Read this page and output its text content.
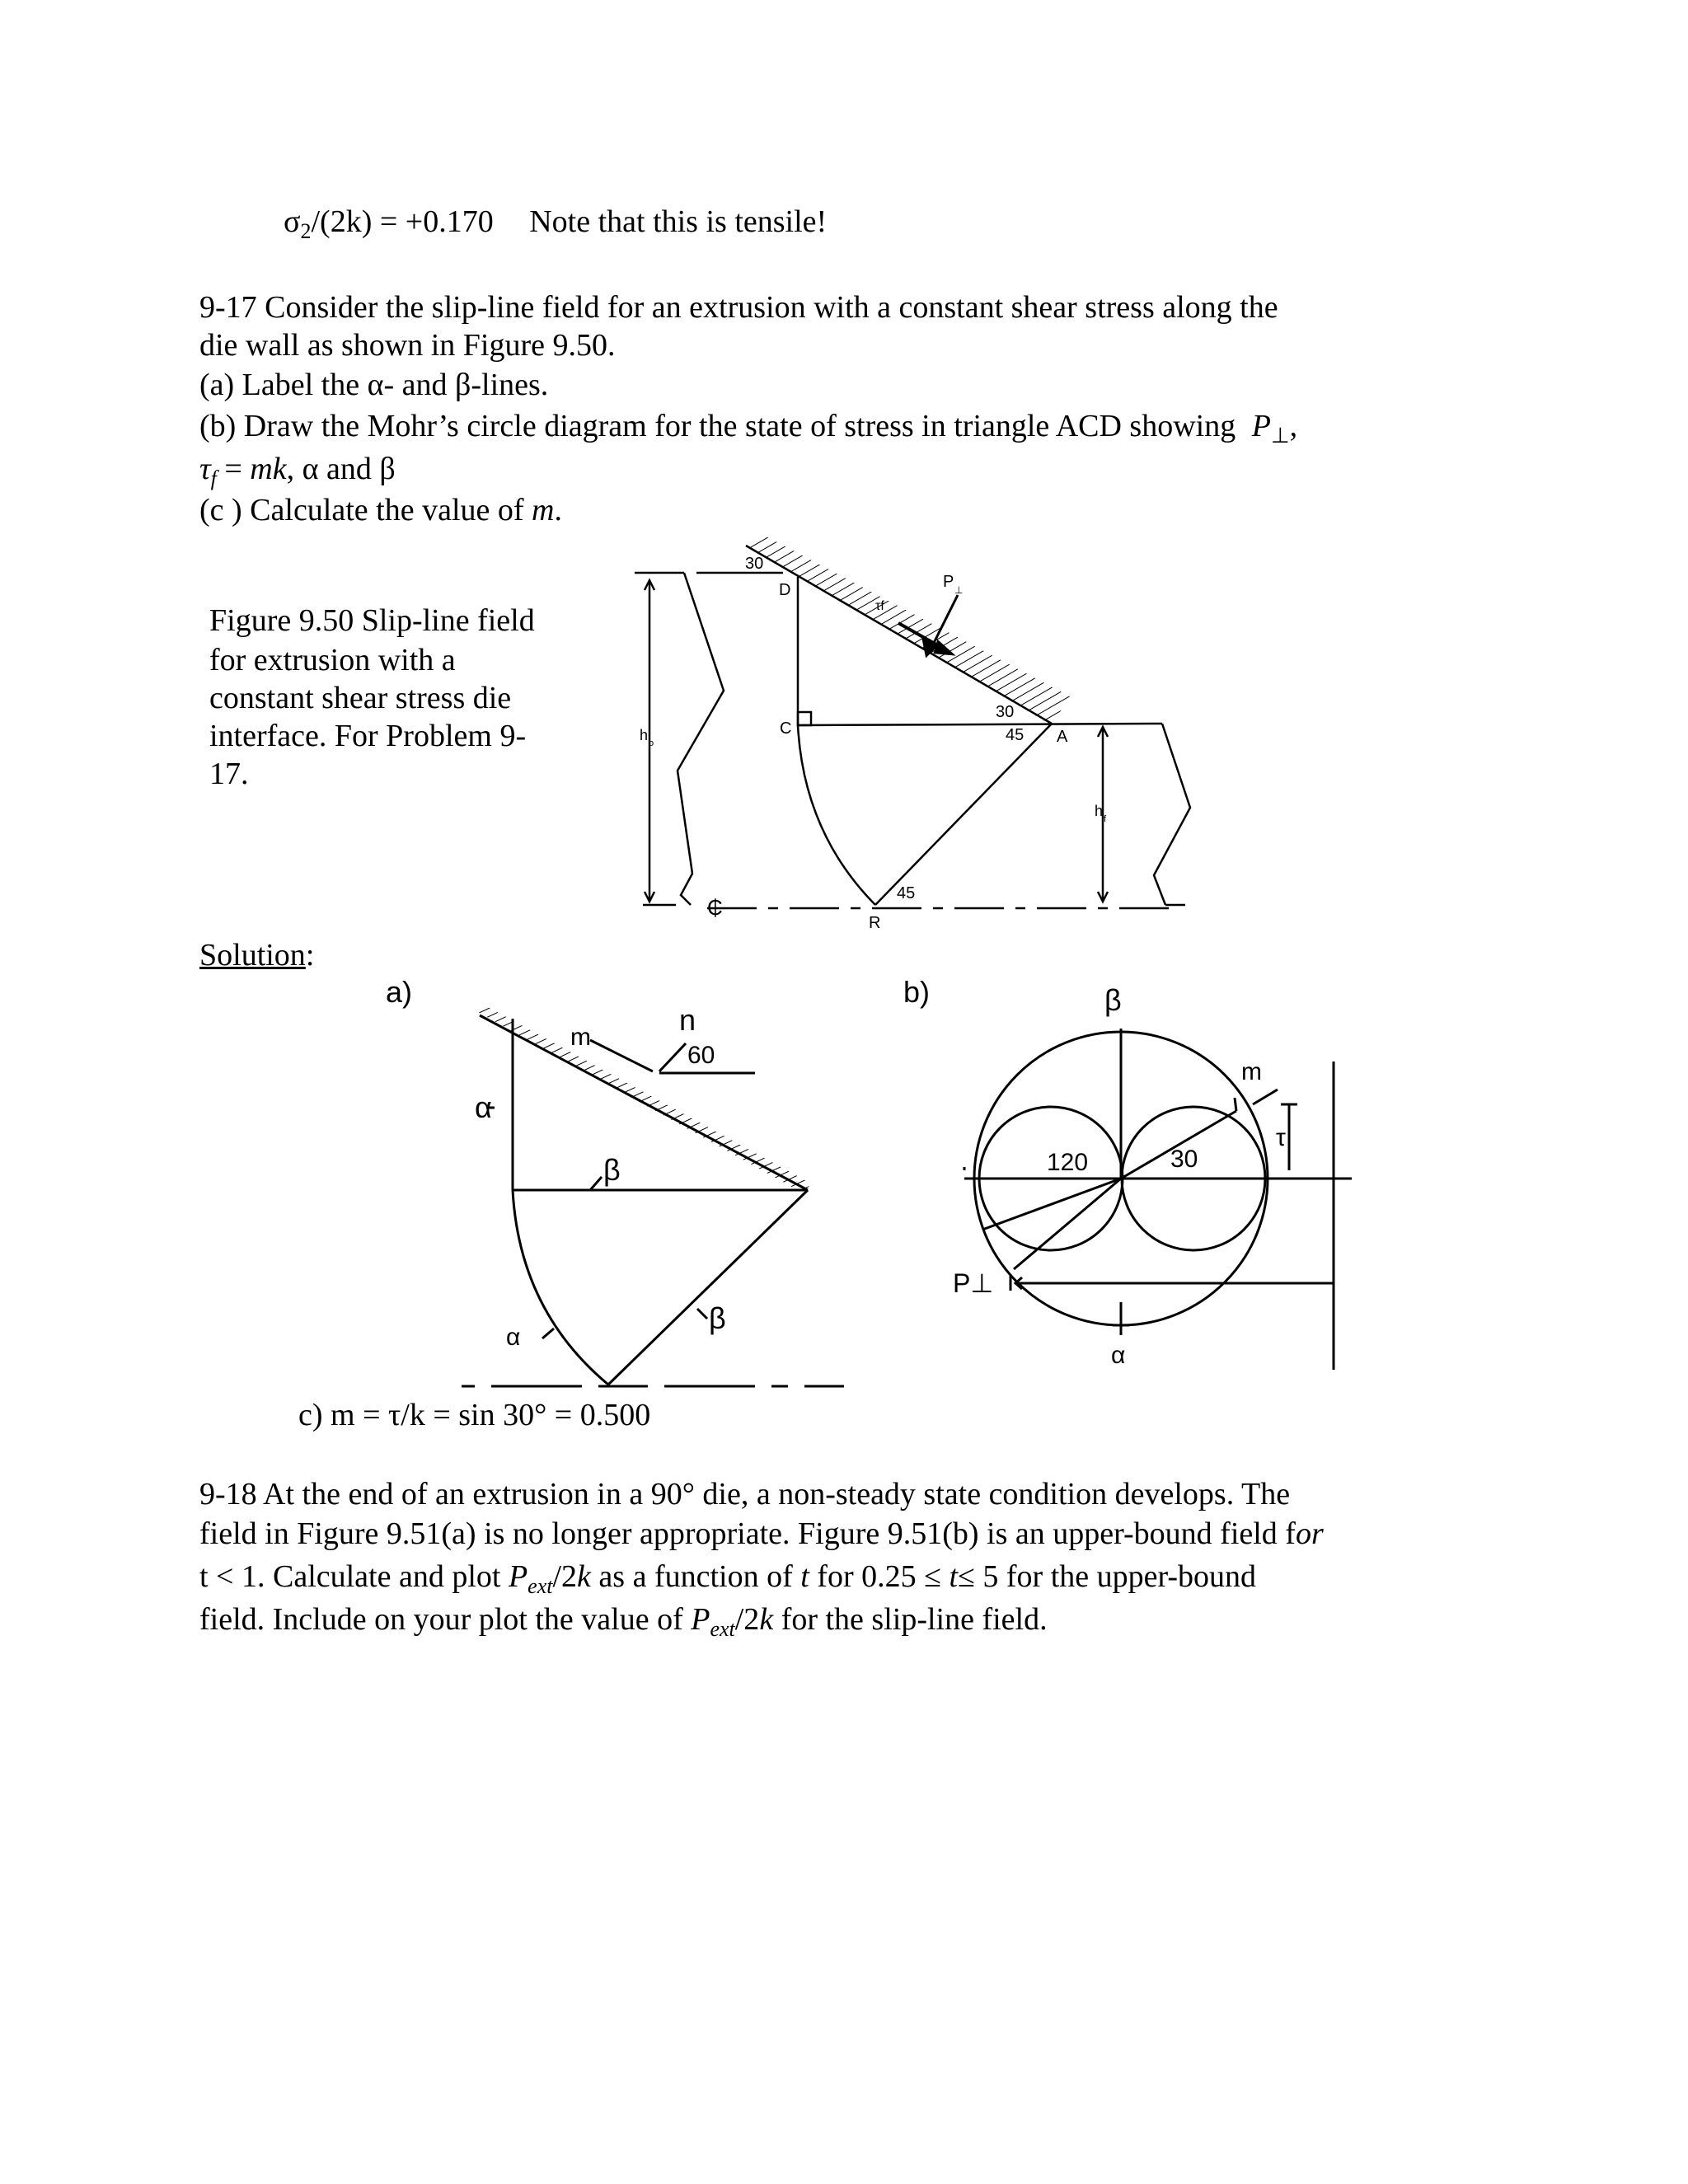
$\sigma_2/(2k) = +0.170$ Note that this is tensile!
9-17 Consider the slip-line field for an extrusion with a constant shear stress along the
die wall as shown in Figure 9.50.
(a) Label the α- and β-lines.
(b) Draw the Mohr’s circle diagram for the state of stress in triangle ACD showing $P_\perp$,
$\tau_f$ = mk, α and β
(c ) Calculate the value of m.
Figure 9.50 Slip-line field
for extrusion with a
constant shear stress die
interface. For Problem 9-
17.
30
D	P ⊥
τf
C
30
45 A
h o
h f
45
R
₵
Solution:
a)
m
n
60
α
β
α
β
b)	β
m
τ
120	30
P⊥
α
c) m = τ/k = sin 30° = 0.500
9-18 At the end of an extrusion in a 90° die, a non-steady state condition develops. The
field in Figure 9.51(a) is no longer appropriate. Figure 9.51(b) is an upper-bound field for
t < 1. Calculate and plot $P_{ext}/2k$ as a function of t for 0.25 ≤ t≤ 5 for the upper-bound
field. Include on your plot the value of $P_{ext}/2k$ for the slip-line field.
